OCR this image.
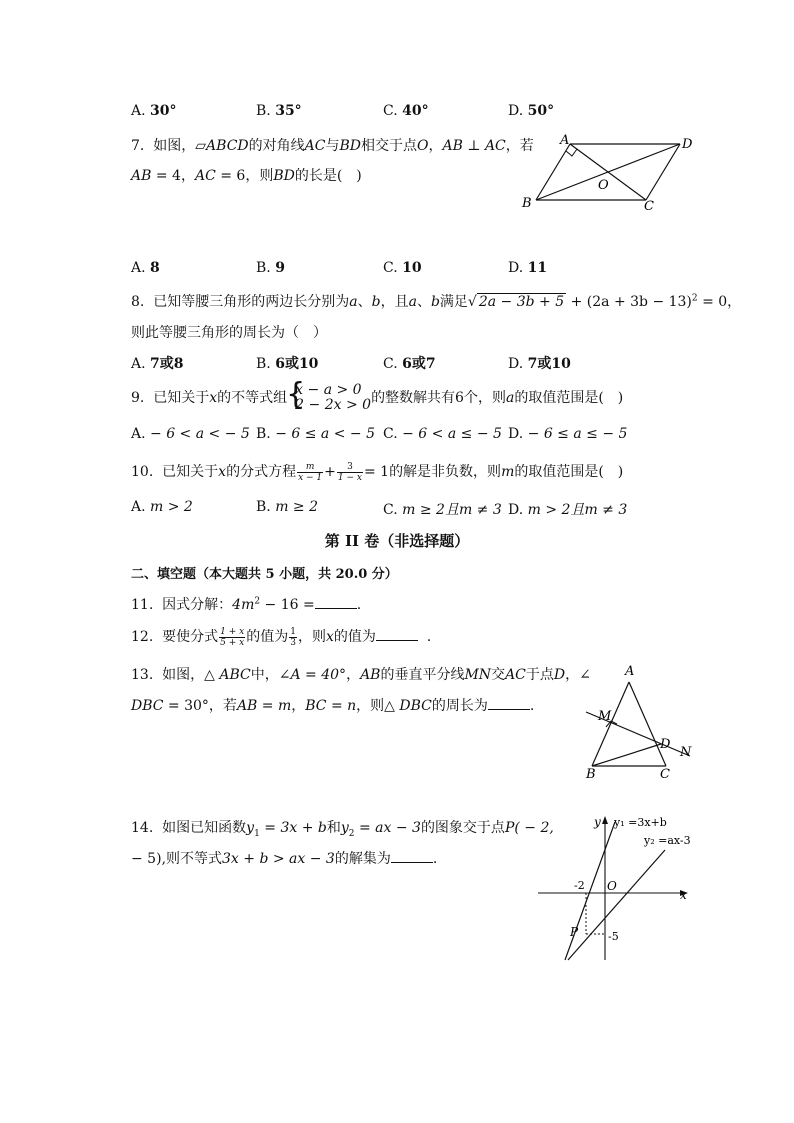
A. 30°	B. 35°	C. 40°	D. 50°
7. 如图，▱ABCD的对角线AC与BD相交于点O，AB ⊥ AC，若
AB = 4，AC = 6，则BD的长是(　)
A	D
B	C
O
A. 8	B. 9	C. 10	D. 11
8. 已知等腰三角形的两边长分别为a、b，且a、b满足√ $2a - 3b + 5 + (2a + 3b - 13)^2 = 0$，
则此等腰三角形的周长为（　）
A. 7或8	B. 6或10	C. 6或7	D. 7或10
9. 已知关于x的不等式组 {
x − a > 0
2 − 2x > 0 的整数解共有6个，则a的取值范围是(　)
A. − 6 < a < − 5 B. − 6 ≤ a < − 5 C. − 6 < a ≤ − 5 D. − 6 ≤ a ≤ − 5
10. 已知关于x的分式方程 $\frac{m}{x - 1} + \frac{3}{1 - x} = 1$的解是非负数，则m的取值范围是(　)
A. m > 2	B. m ≥ 2	C. m ≥ 2且m ≠ 3 D. m > 2且m ≠ 3
第 II 卷（非选择题）
二、填空题（本大题共 5 小题，共 20.0 分）
11. 因式分解：$4m^2 - 16$ =	.
12. 要使分式 $\frac{1 + x}{5 + x}$ 的值为 $\frac{1}{3}$ ，则x的值为	.
13. 如图，△ ABC中，∠A = 40°，AB的垂直平分线MN交AC于点D，∠
DBC = 30°，若AB = m，BC = n，则△ DBC的周长为	.
A
M
D
N
B	C
14. 如图已知函数$y_1 = 3x + b$和$y_2$ = ax − 3的图象交于点P( − 2,
− 5),则不等式3x + b > ax − 3的解集为	.
y
x
O
-2
-5
P
y₁ =3x+b
y₂ =ax-3
